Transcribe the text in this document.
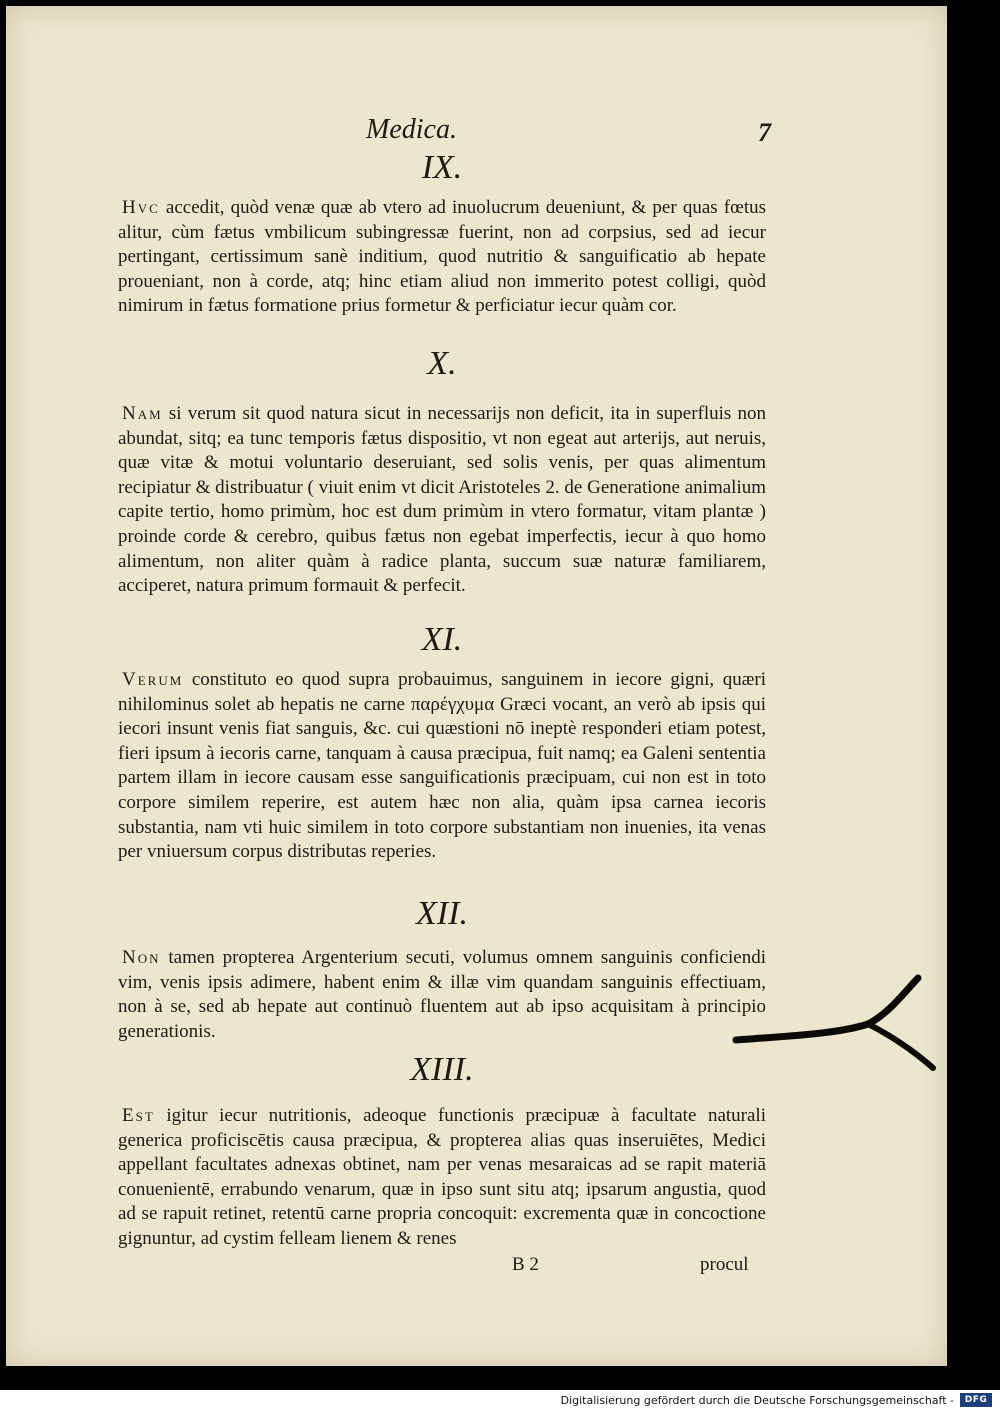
Medica.	7
IX.
Hvc accedit, quòd venæ quæ ab vtero ad inuolucrum deueniunt, & per quas fœtus alitur, cùm fætus vmbilicum subingressæ fuerint, non ad corpsius, sed ad iecur pertingant, certissimum sanè inditium, quod nutritio & sanguificatio ab hepate proueniant, non à corde, atq; hinc etiam aliud non immerito potest colligi, quòd nimirum in fætus formatione prius formetur & perficiatur iecur quàm cor.
X.
Nam si verum sit quod natura sicut in necessarijs non deficit, ita in superfluis non abundat, sitq; ea tunc temporis fætus dispositio, vt non egeat aut arterijs, aut neruis, quæ vitæ & motui voluntario deseruiant, sed solis venis, per quas alimentum recipiatur & distribuatur ( viuit enim vt dicit Aristoteles 2. de Generatione animalium capite tertio, homo primùm, hoc est dum primùm in vtero formatur, vitam plantæ ) proinde corde & cerebro, quibus fætus non egebat imperfectis, iecur à quo homo alimentum, non aliter quàm à radice planta, succum suæ naturæ familiarem, acciperet, natura primum formauit & perfecit.
XI.
Verum constituto eo quod supra probauimus, sanguinem in iecore gigni, quæri nihilominus solet ab hepatis ne carne παρέγχυμα Græci vocant, an verò ab ipsis qui iecori insunt venis fiat sanguis, &c. cui quæstioni nō ineptè responderi etiam potest, fieri ipsum à iecoris carne, tanquam à causa præcipua, fuit namq; ea Galeni sententia partem illam in iecore causam esse sanguificationis præcipuam, cui non est in toto corpore similem reperire, est autem hæc non alia, quàm ipsa carnea iecoris substantia, nam vti huic similem in toto corpore substantiam non inuenies, ita venas per vniuersum corpus distributas reperies.
XII.
Non tamen propterea Argenterium secuti, volumus omnem sanguinis conficiendi vim, venis ipsis adimere, habent enim & illæ vim quandam sanguinis effectiuam, non à se, sed ab hepate aut continuò fluentem aut ab ipso acquisitam à principio generationis.
XIII.
Est igitur iecur nutritionis, adeoque functionis præcipuæ à facultate naturali generica proficiscētis causa præcipua, & propterea alias quas inseruiētes, Medici appellant facultates adnexas obtinet, nam per venas mesaraicas ad se rapit materiā conuenientē, errabundo venarum, quæ in ipso sunt situ atq; ipsarum angustia, quod ad se rapuit retinet, retentū carne propria concoquit: excrementa quæ in concoctione gignuntur, ad cystim felleam lienem & renes
B 2	procul
Digitalisierung gefördert durch die Deutsche Forschungsgemeinschaft -	DFG
